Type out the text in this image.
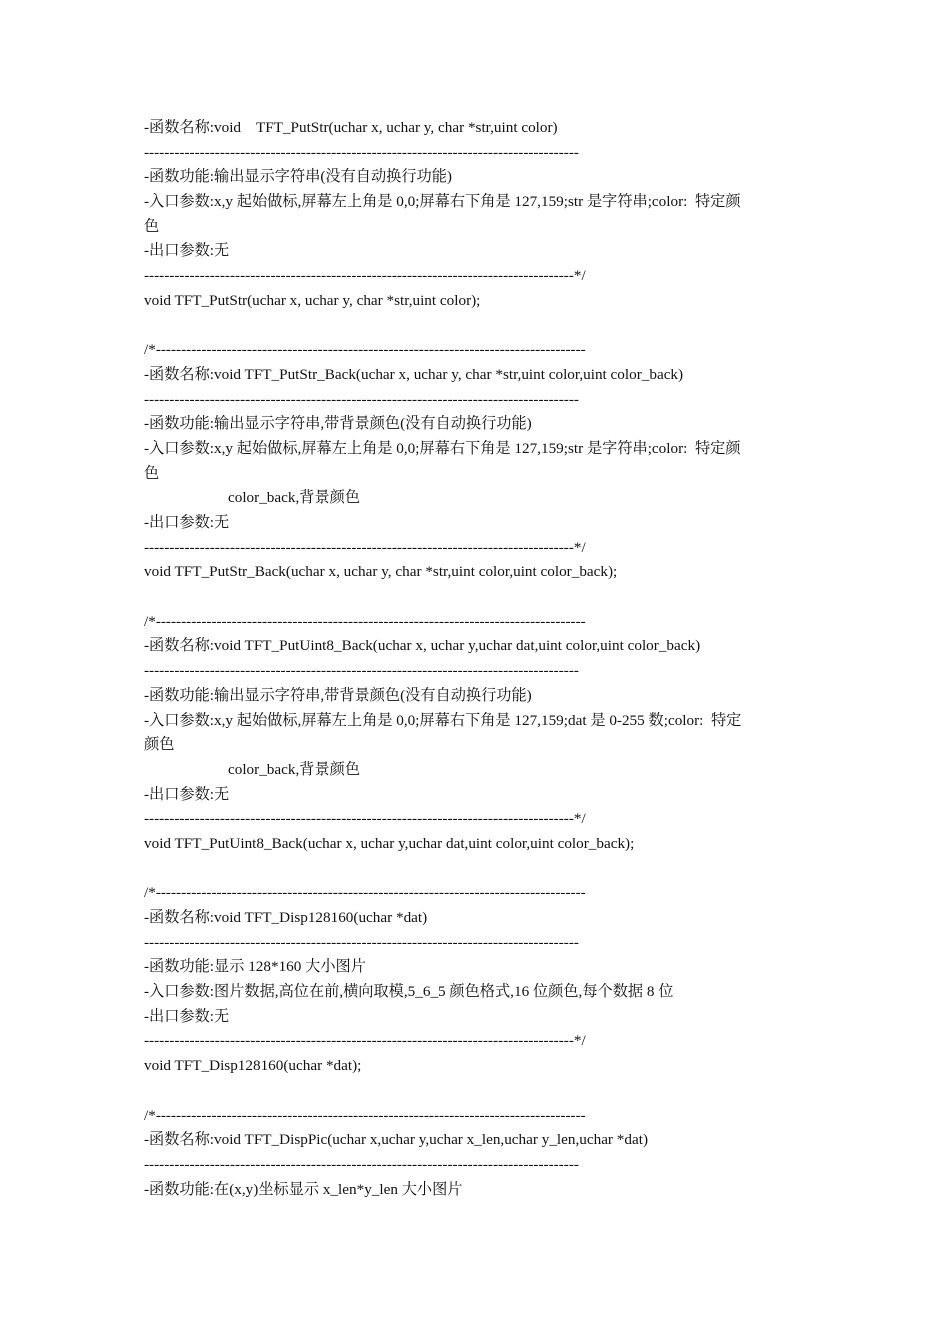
-函数名称:void    TFT_PutStr(uchar x, uchar y, char *str,uint color)
--------------------------------------------------------------------------------------
-函数功能:输出显示字符串(没有自动换行功能)
-入口参数:x,y 起始做标,屏幕左上角是 0,0;屏幕右下角是 127,159;str 是字符串;color:  特定颜
色
-出口参数:无
-------------------------------------------------------------------------------------*/
void TFT_PutStr(uchar x, uchar y, char *str,uint color);
/*-------------------------------------------------------------------------------------
-函数名称:void TFT_PutStr_Back(uchar x, uchar y, char *str,uint color,uint color_back)
--------------------------------------------------------------------------------------
-函数功能:输出显示字符串,带背景颜色(没有自动换行功能)
-入口参数:x,y 起始做标,屏幕左上角是 0,0;屏幕右下角是 127,159;str 是字符串;color:  特定颜
色
color_back,背景颜色
-出口参数:无
-------------------------------------------------------------------------------------*/
void TFT_PutStr_Back(uchar x, uchar y, char *str,uint color,uint color_back);
/*-------------------------------------------------------------------------------------
-函数名称:void TFT_PutUint8_Back(uchar x, uchar y,uchar dat,uint color,uint color_back)
--------------------------------------------------------------------------------------
-函数功能:输出显示字符串,带背景颜色(没有自动换行功能)
-入口参数:x,y 起始做标,屏幕左上角是 0,0;屏幕右下角是 127,159;dat 是 0-255 数;color:  特定
颜色
color_back,背景颜色
-出口参数:无
-------------------------------------------------------------------------------------*/
void TFT_PutUint8_Back(uchar x, uchar y,uchar dat,uint color,uint color_back);
/*-------------------------------------------------------------------------------------
-函数名称:void TFT_Disp128160(uchar *dat)
--------------------------------------------------------------------------------------
-函数功能:显示 128*160 大小图片
-入口参数:图片数据,高位在前,横向取模,5_6_5 颜色格式,16 位颜色,每个数据 8 位
-出口参数:无
-------------------------------------------------------------------------------------*/
void TFT_Disp128160(uchar *dat);
/*-------------------------------------------------------------------------------------
-函数名称:void TFT_DispPic(uchar x,uchar y,uchar x_len,uchar y_len,uchar *dat)
--------------------------------------------------------------------------------------
-函数功能:在(x,y)坐标显示 x_len*y_len 大小图片
